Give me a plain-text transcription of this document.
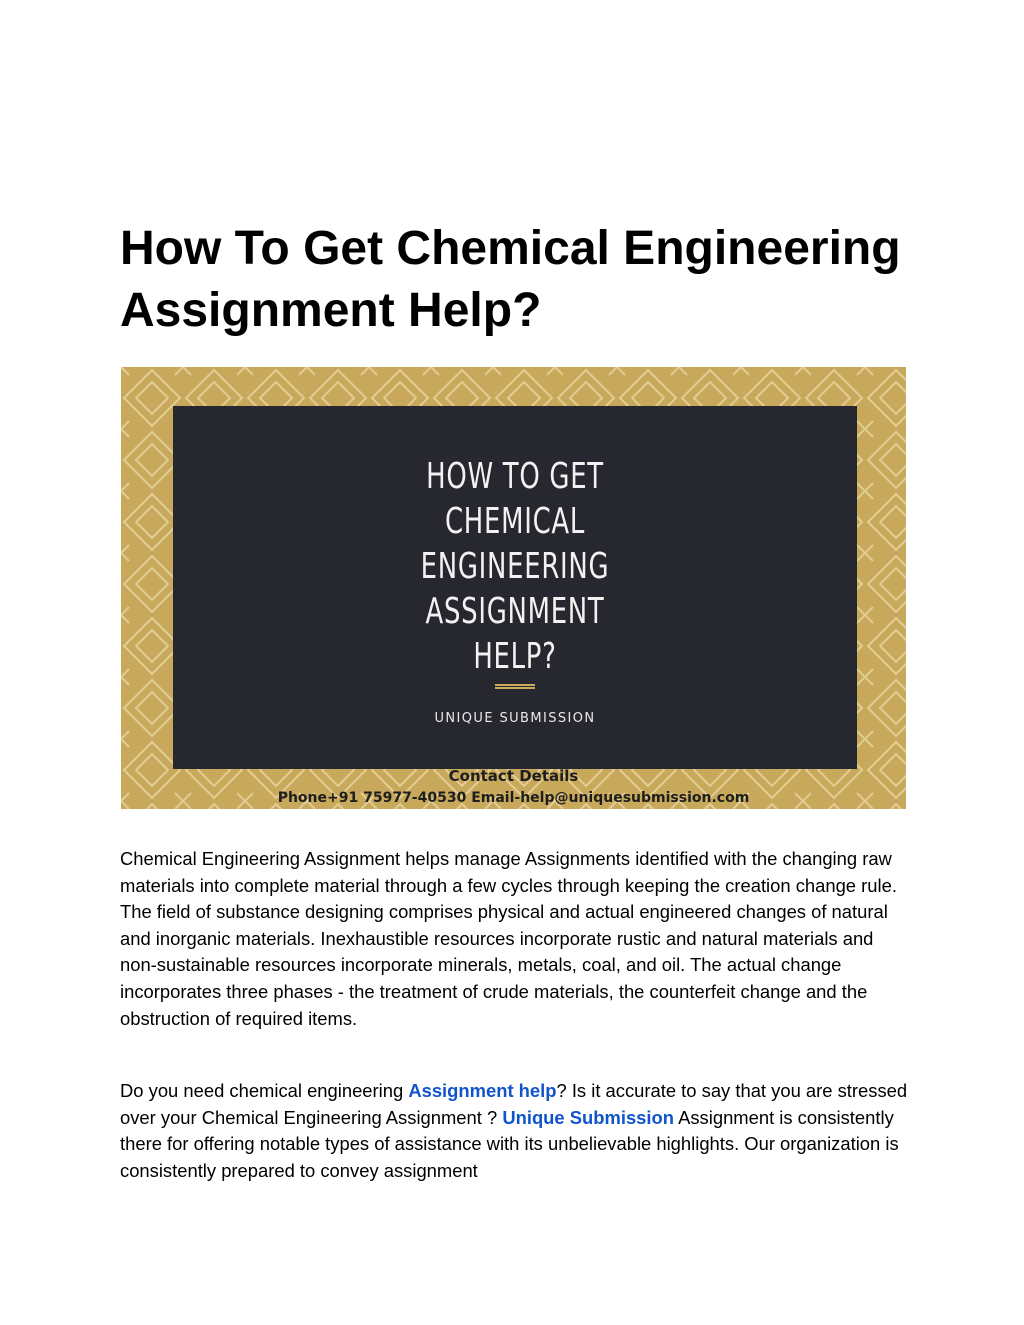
How To Get Chemical Engineering Assignment Help?
HOW TO GET
CHEMICAL
ENGINEERING
ASSIGNMENT
HELP?
UNIQUE SUBMISSION
Contact Details
Phone+91 75977-40530 Email-help@uniquesubmission.com

Chemical Engineering Assignment helps manage Assignments identified with the changing raw materials into complete material through a few cycles through keeping the creation change rule. The field of substance designing comprises physical and actual engineered changes of natural and inorganic materials. Inexhaustible resources incorporate rustic and natural materials and non-sustainable resources incorporate minerals, metals, coal, and oil. The actual change incorporates three phases - the treatment of crude materials, the counterfeit change and the obstruction of required items.

Do you need chemical engineering Assignment help? Is it accurate to say that you are stressed over your Chemical Engineering Assignment ? Unique Submission Assignment is consistently there for offering notable types of assistance with its unbelievable highlights. Our organization is consistently prepared to convey assignment
